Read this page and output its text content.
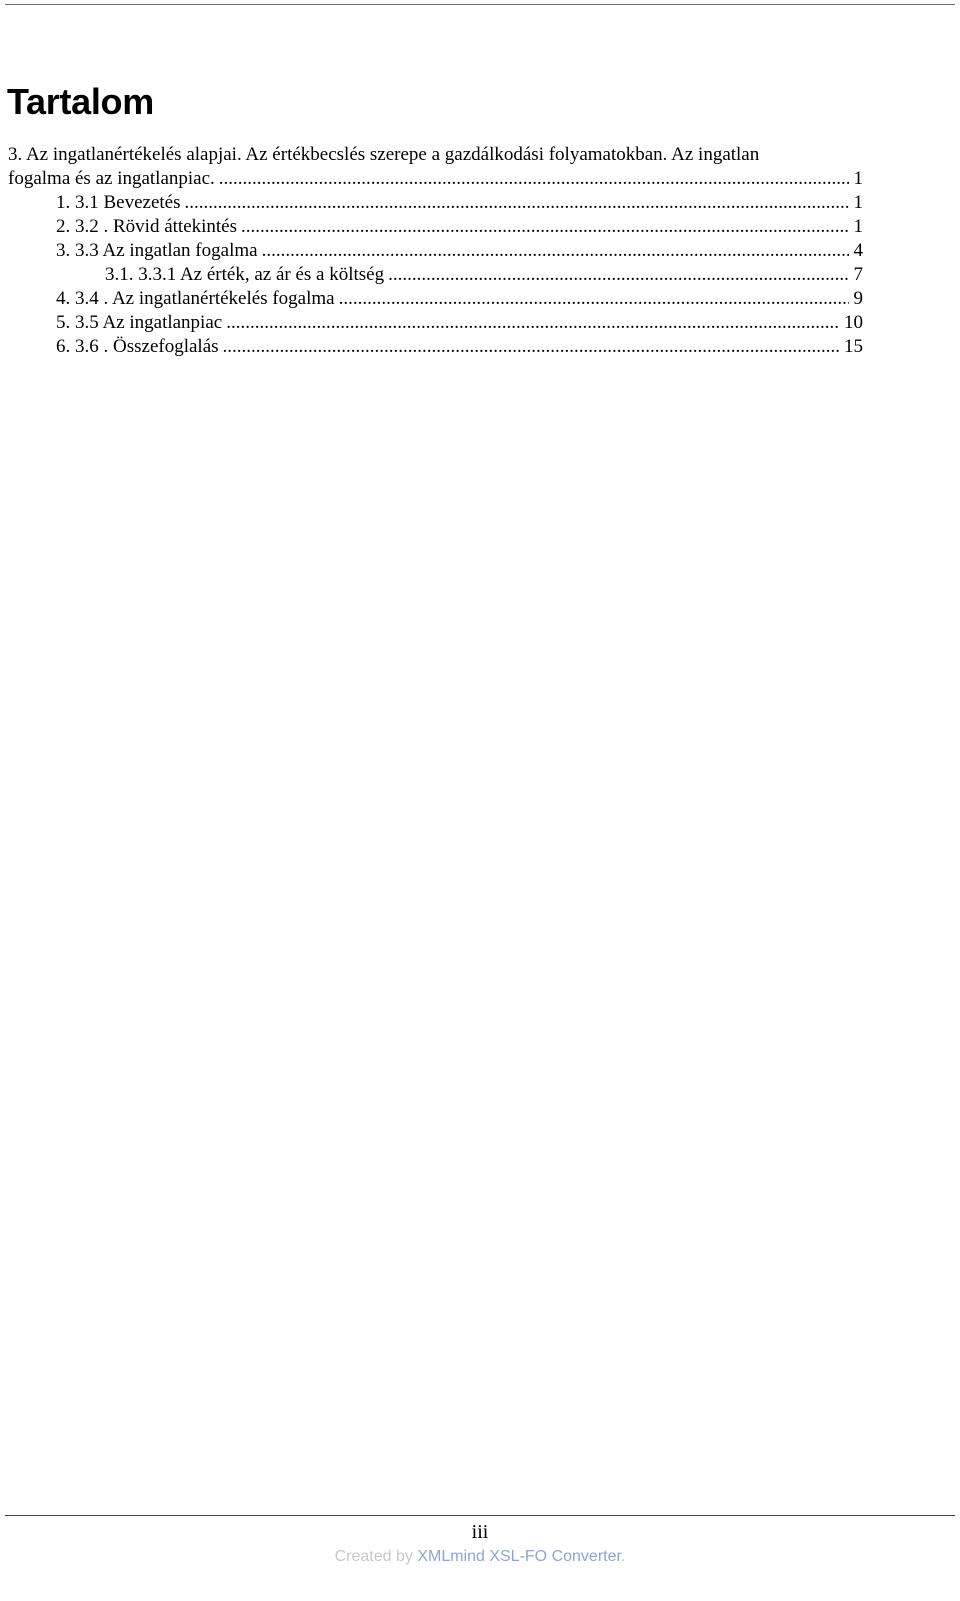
Tartalom
3. Az ingatlanértékelés alapjai. Az értékbecslés szerepe a gazdálkodási folyamatokban. Az ingatlan
fogalma és az ingatlanpiac. .....	1
1. 3.1 Bevezetés .....	1
2. 3.2 . Rövid áttekintés .....	1
3. 3.3 Az ingatlan fogalma .....	4
3.1. 3.3.1 Az érték, az ár és a költség .....	7
4. 3.4 . Az ingatlanértékelés fogalma .....	9
5. 3.5 Az ingatlanpiac .....	10
6. 3.6 . Összefoglalás .....	15
iii
Created by XMLmind XSL-FO Converter.
